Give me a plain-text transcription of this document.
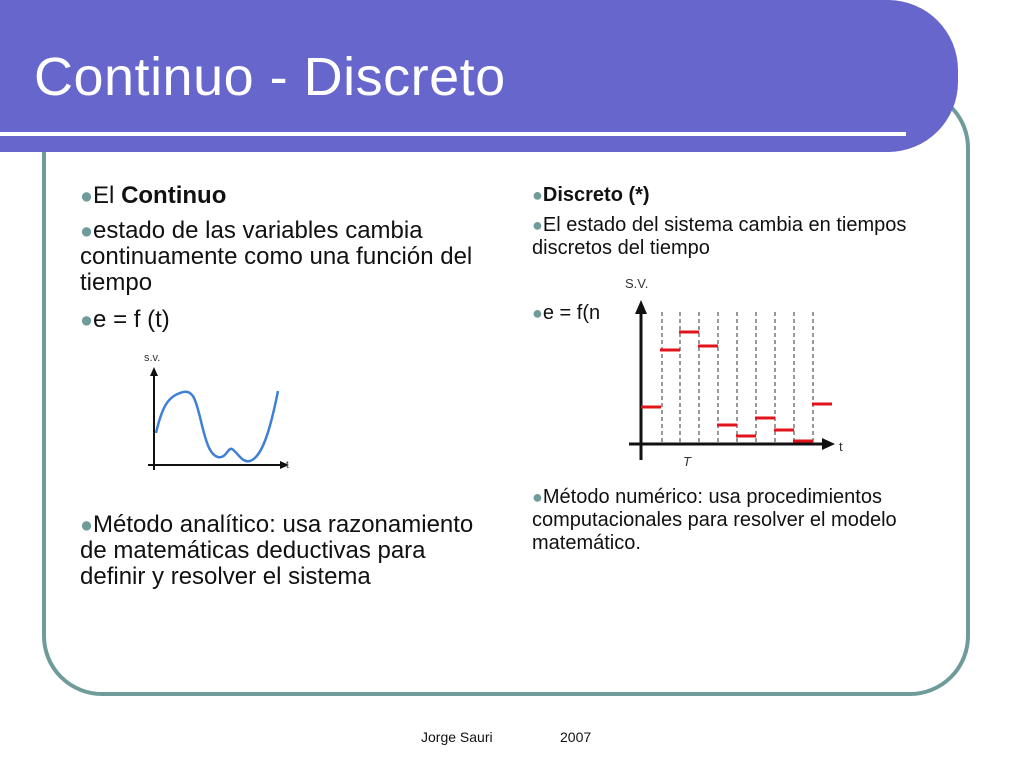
Continuo - Discreto
●El Continuo
●estado de las variables cambia continuamente como una función del tiempo
●e = f (t)
●Método analítico: usa razonamiento de matemáticas deductivas para definir y resolver el sistema
s.v.
t
●Discreto (*)
●El estado del sistema cambia en tiempos discretos del tiempo
●e = f(n
●Método numérico: usa procedimientos computacionales para resolver el modelo matemático.
S.V.
t
T
Jorge Sauri	2007
